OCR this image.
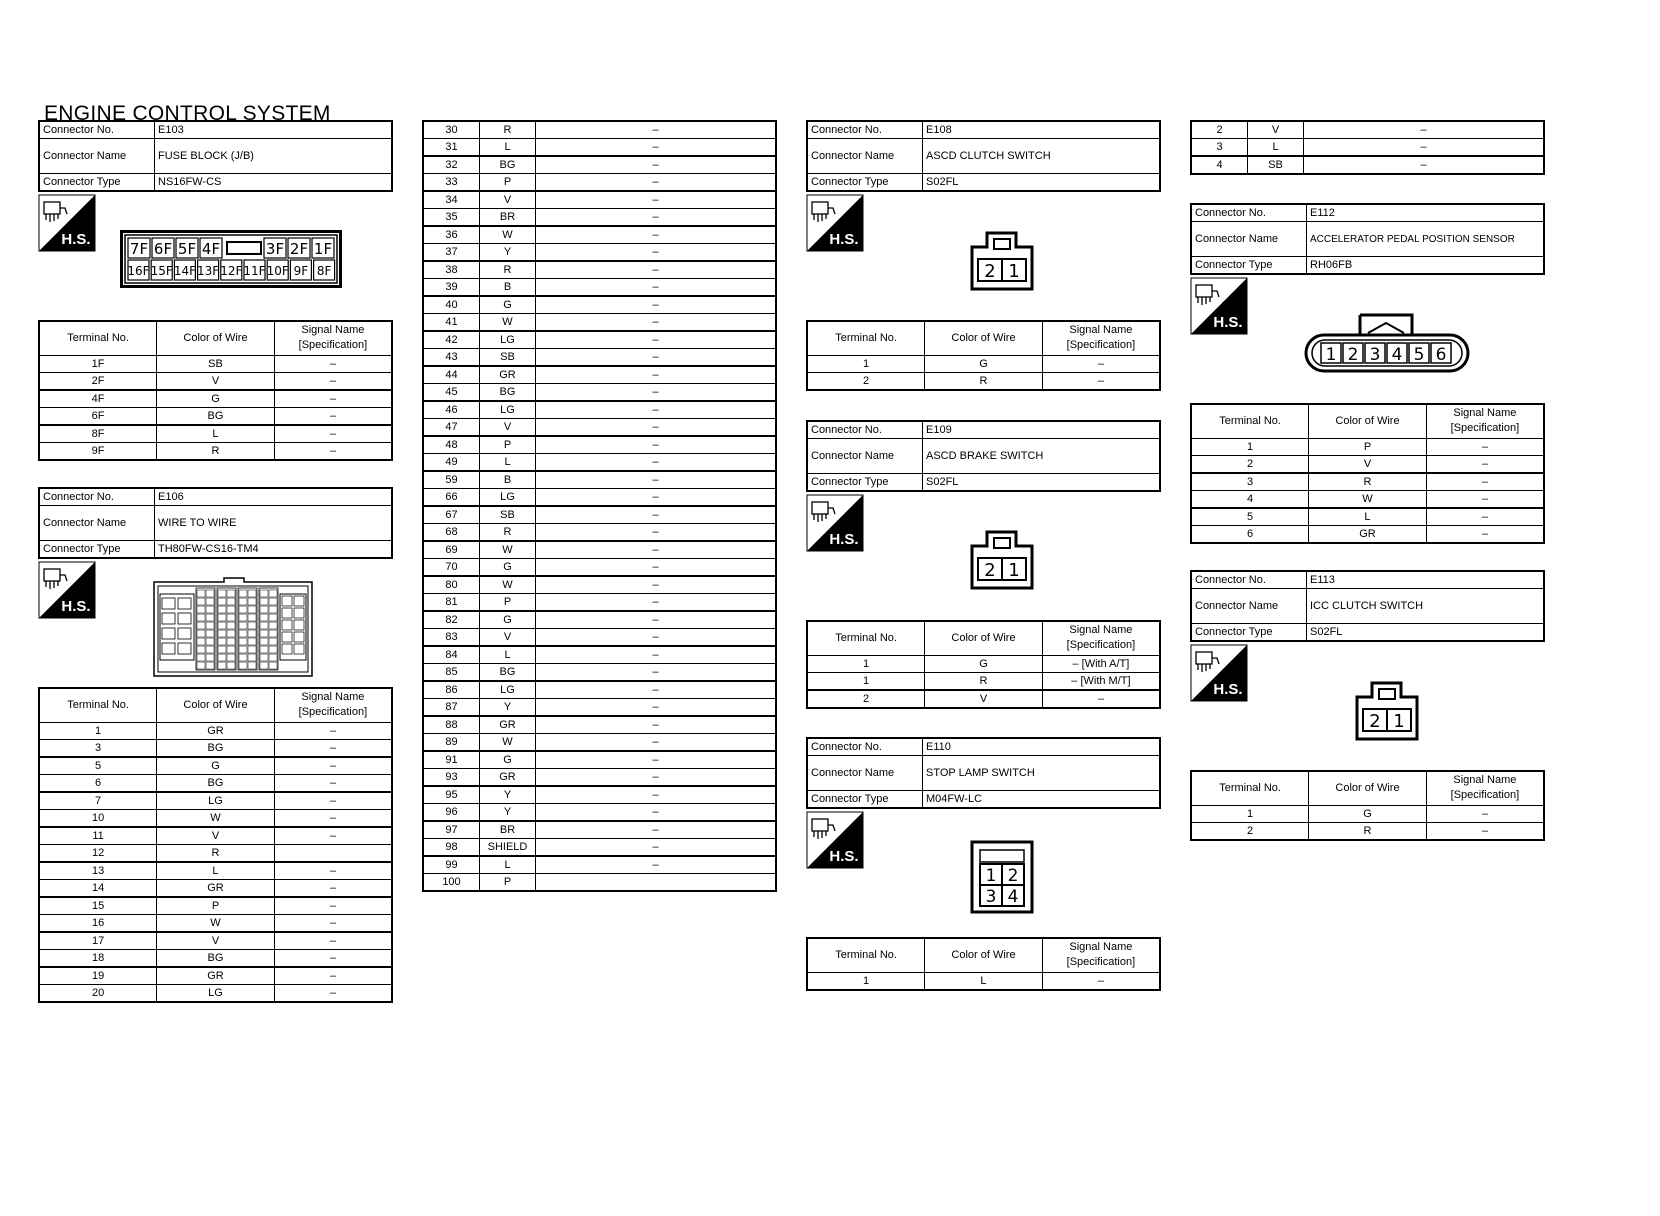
ENGINE CONTROL SYSTEM
Connector No.	E103
Connector Name	FUSE BLOCK (J/B)
Connector Type	NS16FW-CS
H.S.
7F 6F 5F 4F	3F 2F 1F
16F 15F 14F 13F 12F 11F 10F 9F 8F
Terminal No.	Color of Wire	Signal Name [Specification]
1F	SB	–
2F	V	–
4F	G	–
6F	BG	–
8F	L	–
9F	R	–
Connector No.	E106
Connector Name	WIRE TO WIRE
Connector Type	TH80FW-CS16-TM4
H.S.
Terminal No.	Color of Wire	Signal Name [Specification]
1	GR	–
3	BG	–
5	G	–
6	BG	–
7	LG	–
10	W	–
11	V	–
12	R	
13	L	–
14	GR	–
15	P	–
16	W	–
17	V	–
18	BG	–
19	GR	–
20	LG	–
30	R	–
31	L	–
32	BG	–
33	P	–
34	V	–
35	BR	–
36	W	–
37	Y	–
38	R	–
39	B	–
40	G	–
41	W	–
42	LG	–
43	SB	–
44	GR	–
45	BG	–
46	LG	–
47	V	–
48	P	–
49	L	–
59	B	–
66	LG	–
67	SB	–
68	R	–
69	W	–
70	G	–
80	W	–
81	P	–
82	G	–
83	V	–
84	L	–
85	BG	–
86	LG	–
87	Y	–
88	GR	–
89	W	–
91	G	–
93	GR	–
95	Y	–
96	Y	–
97	BR	–
98	SHIELD	–
99	L	–
100	P	
Connector No.	E108
Connector Name	ASCD CLUTCH SWITCH
Connector Type	S02FL
H.S.
2 1
Terminal No.	Color of Wire	Signal Name [Specification]
1	G	–
2	R	–
Connector No.	E109
Connector Name	ASCD BRAKE SWITCH
Connector Type	S02FL
H.S.
2 1
Terminal No.	Color of Wire	Signal Name [Specification]
1	G	– [With A/T]
1	R	– [With M/T]
2	V	–
Connector No.	E110
Connector Name	STOP LAMP SWITCH
Connector Type	M04FW-LC
H.S.
1 2
3 4
Terminal No.	Color of Wire	Signal Name [Specification]
1	L	–
2	V	–
3	L	–
4	SB	–
Connector No.	E112
Connector Name	ACCELERATOR PEDAL POSITION SENSOR
Connector Type	RH06FB
H.S.
1 2 3 4 5 6
Terminal No.	Color of Wire	Signal Name [Specification]
1	P	–
2	V	–
3	R	–
4	W	–
5	L	–
6	GR	–
Connector No.	E113
Connector Name	ICC CLUTCH SWITCH
Connector Type	S02FL
H.S.
2 1
Terminal No.	Color of Wire	Signal Name [Specification]
1	G	–
2	R	–
